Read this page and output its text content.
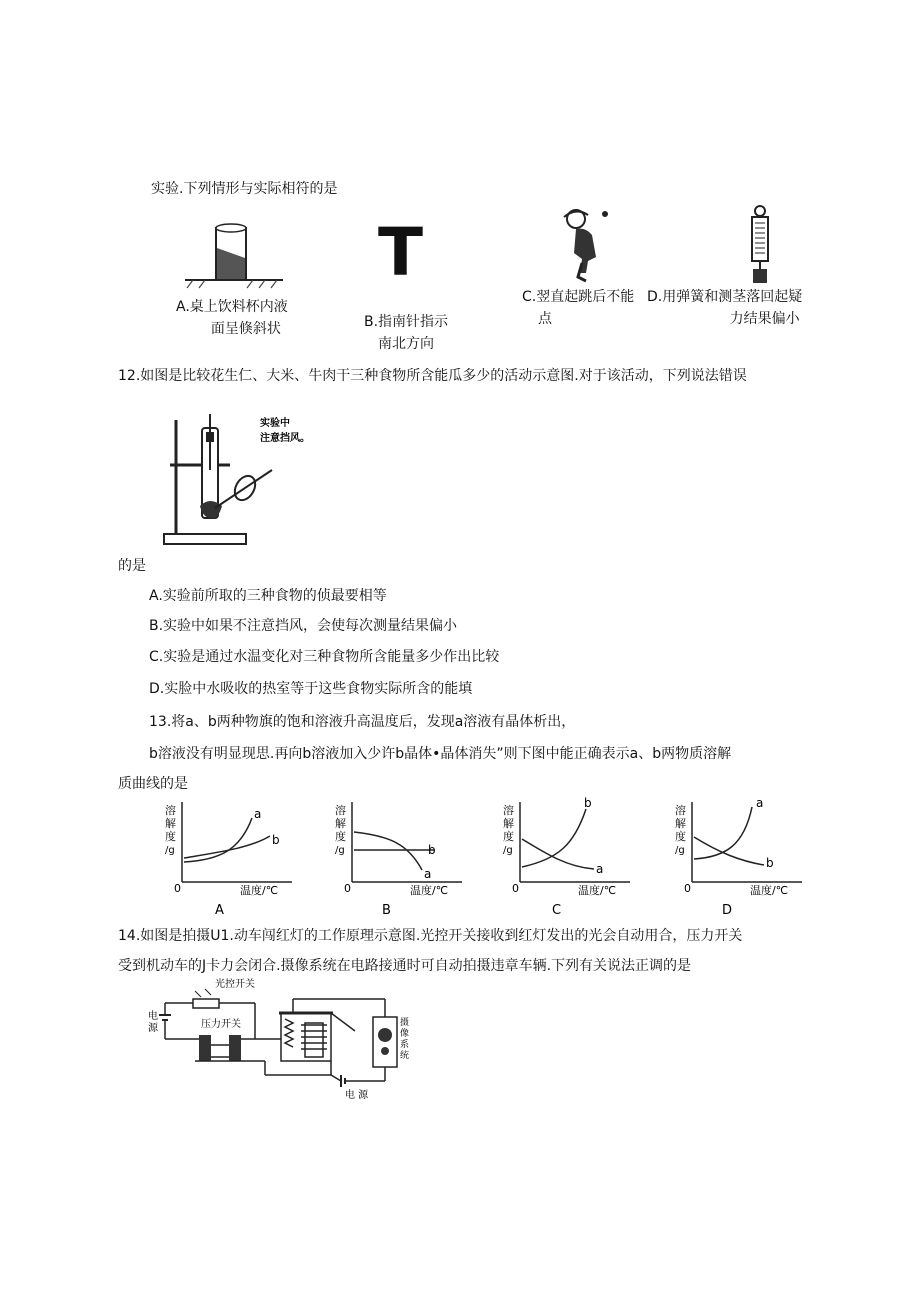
实验.下列情形与实际相符的是
A.桌上饮料杯内液
面呈倏斜状
T
B.指南针指示
南北方向
C.翌直起跳后不能
点
D.用弹簧和测茎落回起疑
力结果偏小
12.如图是比较花生仁、大米、牛肉干三种食物所含能瓜多少的活动示意图.对于该活动，下列说法错误
实验中
注意挡风。
的是
A.实验前所取的三种食物的侦最要相等
B.实验中如果不注意挡风，会使每次测量结果偏小
C.实验是通过水温变化对三种食物所含能量多少作出比较
D.实脸中水吸收的热室等于这些食物实际所含的能填
13.将a、b两种物旗的饱和溶液升高温度后，发现a溶液有晶体析出，
b溶液没有明显现思.再向b溶液加入少许b晶体•晶体消失”则下图中能正确表示a、b两物质溶解
质曲线的是
溶
解
度
/g
0	温度/℃
a
b
A
溶
解
度
/g
0	温度/℃
a
b
B
溶
解
度
/g
0	温度/℃
a
b
C
溶
解
度
/g
0	温度/℃
a
b
D
14.如图是拍摄U1.动车闯红灯的工作原理示意图.光控开关接收到红灯发出的光会自动用合，压力开关
受到机动车的J卡力会闭合.摄像系统在电路接通时可自动拍摄违章车辆.下列有关说法正调的是
光控开关
电
源	压力开关	摄
像
系
统
电 源
